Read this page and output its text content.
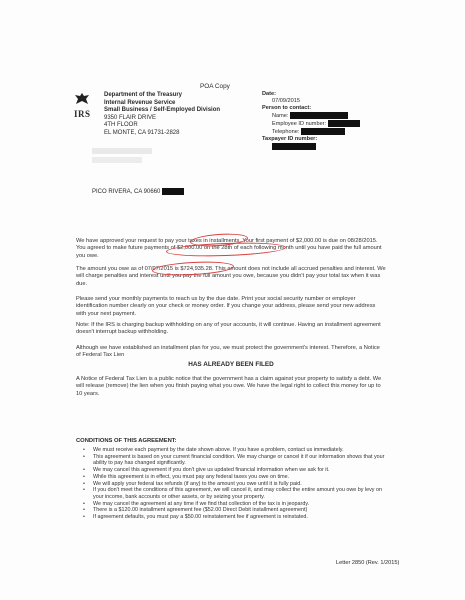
POA Copy
IRS
Department of the Treasury
Internal Revenue Service
Small Business / Self-Employed Division
9350 FLAIR DRIVE
4TH FLOOR
EL MONTE, CA 91731-2828
Date:
07/09/2015
Person to contact:
Name:
Employee ID number:
Telephone:
Taxpayer ID number:
PICO RIVERA, CA 90660
We have approved your request to pay your taxes in installments. Your first payment of $2,000.00 is due on 08/28/2015. You agreed to make future payments of $2,000.00 on the 28th of each following month until you have paid the full amount you owe.
The amount you owe as of 07/07/2015 is $724,935.28. This amount does not include all accrued penalties and interest. We will charge penalties and interest until you pay the full amount you owe, because you didn't pay your total tax when it was due.
Please send your monthly payments to reach us by the due date. Print your social security number or employer identification number clearly on your check or money order. If you change your address, please send your new address with your next payment.
Note: If the IRS is charging backup withholding on any of your accounts, it will continue. Having an installment agreement doesn't interrupt backup withholding.
Although we have established an installment plan for you, we must protect the government's interest. Therefore, a Notice of Federal Tax Lien
HAS ALREADY BEEN FILED
A Notice of Federal Tax Lien is a public notice that the government has a claim against your property to satisfy a debt. We will release (remove) the lien when you finish paying what you owe. We have the legal right to collect this money for up to 10 years.
CONDITIONS OF THIS AGREEMENT:
• We must receive each payment by the date shown above. If you have a problem, contact us immediately.
• This agreement is based on your current financial condition. We may change or cancel it if our information shows that your ability to pay has changed significantly.
• We may cancel this agreement if you don't give us updated financial information when we ask for it.
• While this agreement is in effect, you must pay any federal taxes you owe on time.
• We will apply your federal tax refunds (if any) to the amount you owe until it is fully paid.
• If you don't meet the conditions of this agreement, we will cancel it, and may collect the entire amount you owe by levy on your income, bank accounts or other assets, or by seizing your property.
• We may cancel the agreement at any time if we find that collection of the tax is in jeopardy.
• There is a $120.00 installment agreement fee ($52.00 Direct Debit installment agreement)
• If agreement defaults, you must pay a $50.00 reinstatement fee if agreement is reinstated.
Letter 2850 (Rev. 1/2015)
